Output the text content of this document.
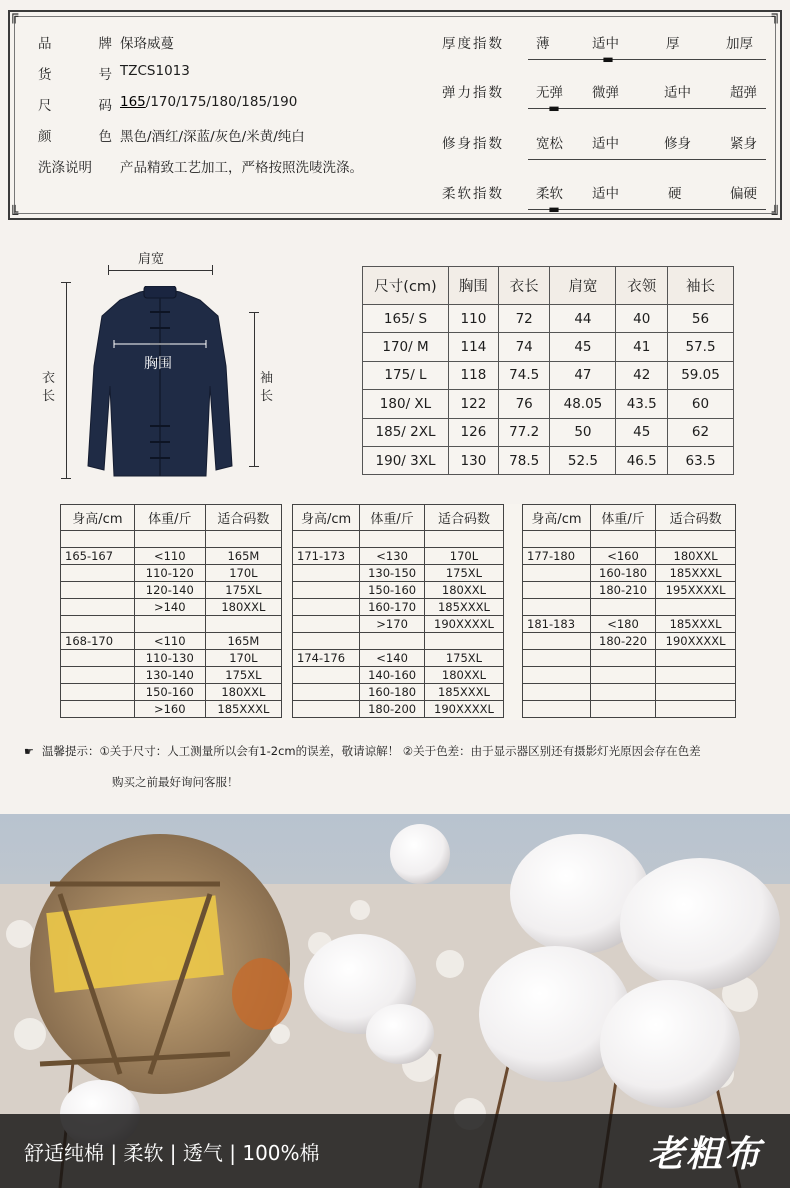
╔	╗
╚	╝
品	牌 保珞威蔓
货	号 TZCS1013
尺	码 165/170/175/180/185/190
颜	色 黑色/酒红/深蓝/灰色/米黄/纯白
洗涤说明	产品精致工艺加工，严格按照洗唛洗涤。
厚度指数 薄	适中	厚	加厚
▬
弹力指数 无弹 微弹	适中	超弹
▬
修身指数 宽松 适中	修身	紧身
柔软指数 柔软 适中	硬	偏硬
▬
肩宽
衣
长
袖
长
胸围
尺寸(cm)	胸围	衣长	肩宽	衣领	袖长
165/ S	110	72	44	40	56
170/ M	114	74	45	41	57.5
175/ L	118	74.5	47	42	59.05
180/ XL	122	76	48.05	43.5	60
185/ 2XL	126	77.2	50	45	62
190/ 3XL	130	78.5	52.5	46.5	63.5
身高/cm	体重/斤	适合码数

165-167	<110	165M
	110-120	170L
	120-140	175XL
	>140	180XXL

168-170	<110	165M
	110-130	170L
	130-140	175XL
	150-160	180XXL
	>160	185XXXL
身高/cm	体重/斤	适合码数

171-173	<130	170L
	130-150	175XL
	150-160	180XXL
	160-170	185XXXL
	>170	190XXXXL

174-176	<140	175XL
	140-160	180XXL
	160-180	185XXXL
	180-200	190XXXXL
身高/cm	体重/斤	适合码数

177-180	<160	180XXL
	160-180	185XXXL
	180-210	195XXXXL

181-183	<180	185XXXL
	180-220	190XXXXL

☛ 温馨提示：①关于尺寸：人工测量所以会有1-2cm的误差，敬请谅解！ ②关于色差：由于显示器区别还有摄影灯光原因会存在色差
购买之前最好询问客服！
舒适纯棉 | 柔软 | 透气 | 100%棉	老粗布
